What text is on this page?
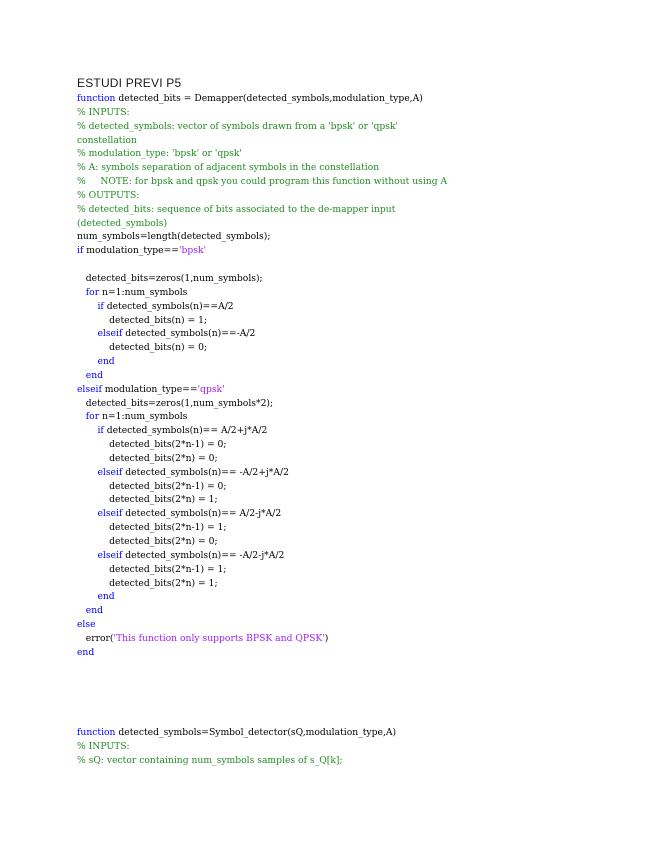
ESTUDI PREVI P5
function detected_bits = Demapper(detected_symbols,modulation_type,A)
% INPUTS:
% detected_symbols: vector of symbols drawn from a 'bpsk' or 'qpsk'
constellation
% modulation_type: 'bpsk' or 'qpsk'
% A: symbols separation of adjacent symbols in the constellation
%     NOTE: for bpsk and qpsk you could program this function without using A
% OUTPUTS:
% detected_bits: sequence of bits associated to the de-mapper input
(detected_symbols)
num_symbols=length(detected_symbols);
if modulation_type=='bpsk'

detected_bits=zeros(1,num_symbols);
for n=1:num_symbols
if detected_symbols(n)==A/2
detected_bits(n) = 1;
elseif detected_symbols(n)==-A/2
detected_bits(n) = 0;
end
end
elseif modulation_type=='qpsk'
detected_bits=zeros(1,num_symbols*2);
for n=1:num_symbols
if detected_symbols(n)== A/2+j*A/2
detected_bits(2*n-1) = 0;
detected_bits(2*n) = 0;
elseif detected_symbols(n)== -A/2+j*A/2
detected_bits(2*n-1) = 0;
detected_bits(2*n) = 1;
elseif detected_symbols(n)== A/2-j*A/2
detected_bits(2*n-1) = 1;
detected_bits(2*n) = 0;
elseif detected_symbols(n)== -A/2-j*A/2
detected_bits(2*n-1) = 1;
detected_bits(2*n) = 1;
end
end
else
error('This function only supports BPSK and QPSK')
end
function detected_symbols=Symbol_detector(sQ,modulation_type,A)
% INPUTS:
% sQ: vector containing num_symbols samples of s_Q[k];
